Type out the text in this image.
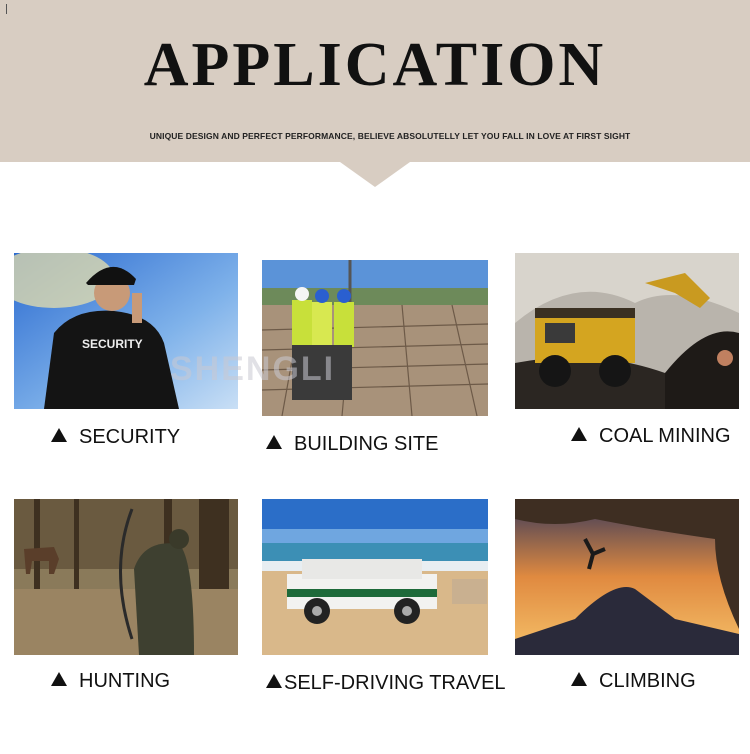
APPLICATION
UNIQUE DESIGN AND PERFECT PERFORMANCE, BELIEVE ABSOLUTELLY LET YOU FALL IN LOVE AT FIRST SIGHT
SECURITY
SECURITY	BUILDING SITE	COAL MINING
SHENGLI
HUNTING	SELF-DRIVING TRAVEL	CLIMBING
